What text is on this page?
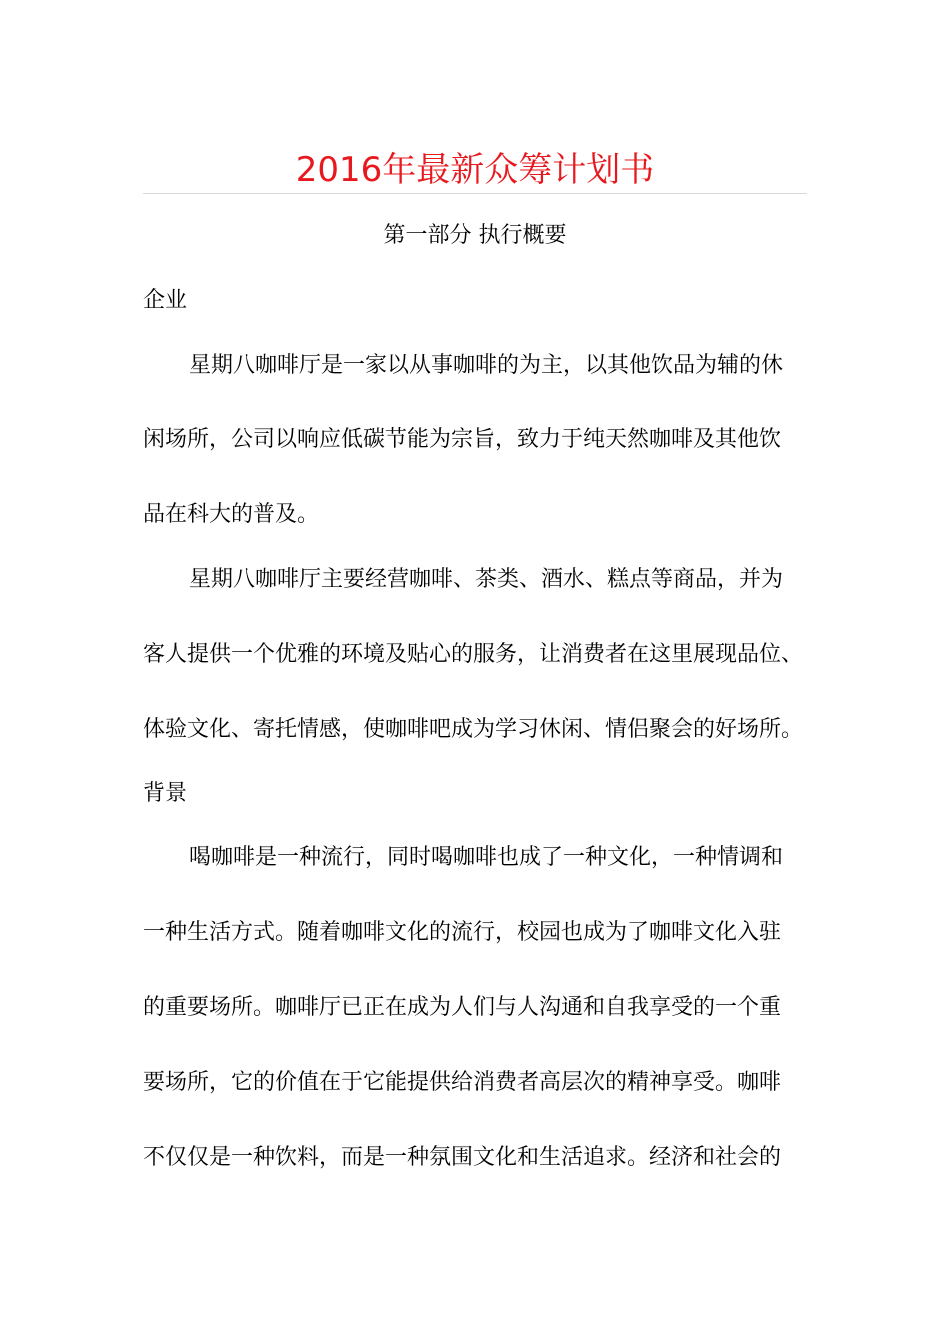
2016年最新众筹计划书
第一部分 执行概要
企业
星期八咖啡厅是一家以从事咖啡的为主，以其他饮品为辅的休
闲场所，公司以响应低碳节能为宗旨，致力于纯天然咖啡及其他饮
品在科大的普及。
星期八咖啡厅主要经营咖啡、茶类、酒水、糕点等商品，并为
客人提供一个优雅的环境及贴心的服务，让消费者在这里展现品位、
体验文化、寄托情感，使咖啡吧成为学习休闲、情侣聚会的好场所。
背景
喝咖啡是一种流行，同时喝咖啡也成了一种文化，一种情调和
一种生活方式。随着咖啡文化的流行，校园也成为了咖啡文化入驻
的重要场所。咖啡厅已正在成为人们与人沟通和自我享受的一个重
要场所，它的价值在于它能提供给消费者高层次的精神享受。咖啡
不仅仅是一种饮料，而是一种氛围文化和生活追求。经济和社会的
